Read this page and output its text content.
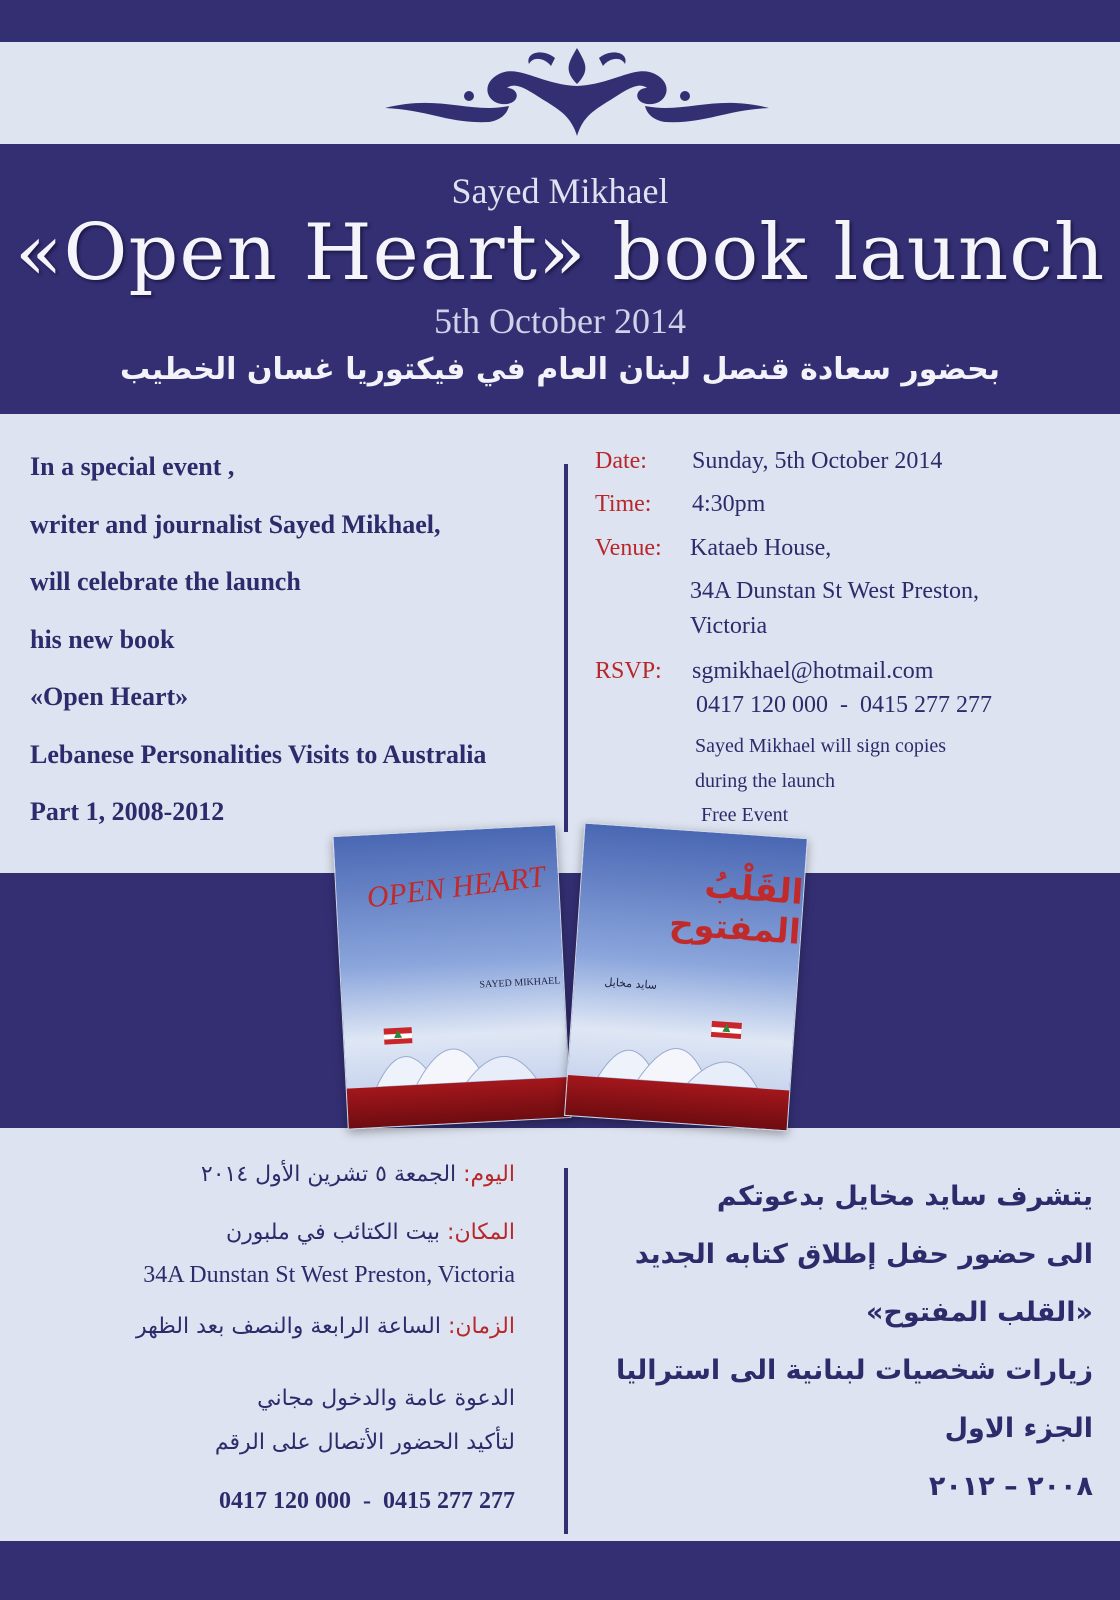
Sayed Mikhael
«Open Heart» book launch
5th October 2014
بحضور سعادة قنصل لبنان العام في فيكتوريا غسان الخطيب
In a special event ,
writer and journalist Sayed Mikhael,
will celebrate the launch
his new book
«Open Heart»
Lebanese Personalities Visits to Australia
Part 1, 2008-2012
Date: Sunday, 5th October 2014
Time: 4:30pm
Venue: Kataeb House,
34A Dunstan St West Preston,
Victoria
RSVP: sgmikhael@hotmail.com
0417 120 000  -  0415 277 277
Sayed Mikhael will sign copies
during the launch
Free Event
OPEN HEART
SAYED MIKHAEL
القَلْبُ المفتوح
سايد مخايل
اليوم: الجمعة ٥ تشرين الأول ٢٠١٤
المكان: بيت الكتائب في ملبورن
34A Dunstan St West Preston, Victoria
الزمان: الساعة الرابعة والنصف بعد الظهر
الدعوة عامة والدخول مجاني
لتأكيد الحضور الأتصال على الرقم
0417 120 000  -  0415 277 277
يتشرف سايد مخايل بدعوتكم
الى حضور حفل إطلاق كتابه الجديد
«القلب المفتوح»
زيارات شخصيات لبنانية الى استراليا
الجزء الاول
٢٠٠٨ – ٢٠١٢
